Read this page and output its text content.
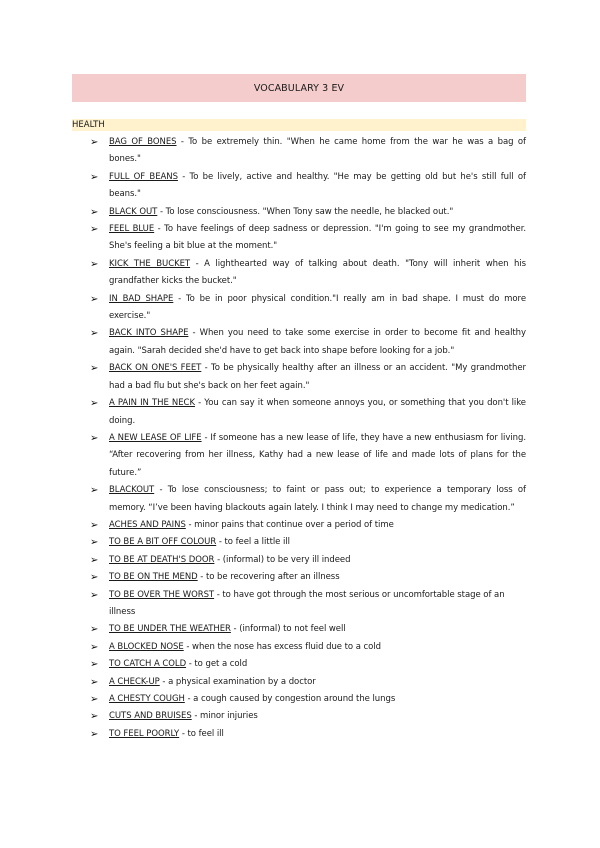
VOCABULARY 3 EV
HEALTH
➢ BAG OF BONES - To be extremely thin. "When he came home from the war he was a bag of bones."
➢ FULL OF BEANS - To be lively, active and healthy. "He may be getting old but he's still full of beans."
➢ BLACK OUT - To lose consciousness. "When Tony saw the needle, he blacked out."
➢ FEEL BLUE - To have feelings of deep sadness or depression. "I'm going to see my grandmother. She's feeling a bit blue at the moment."
➢ KICK THE BUCKET - A lighthearted way of talking about death. "Tony will inherit when his grandfather kicks the bucket."
➢ IN BAD SHAPE - To be in poor physical condition."I really am in bad shape. I must do more exercise."
➢ BACK INTO SHAPE - When you need to take some exercise in order to become fit and healthy again. "Sarah decided she'd have to get back into shape before looking for a job."
➢ BACK ON ONE'S FEET - To be physically healthy after an illness or an accident. "My grandmother had a bad flu but she's back on her feet again."
➢ A PAIN IN THE NECK - You can say it when someone annoys you, or something that you don't like doing.
➢ A NEW LEASE OF LIFE - If someone has a new lease of life, they have a new enthusiasm for living. “After recovering from her illness, Kathy had a new lease of life and made lots of plans for the future.”
➢ BLACKOUT - To lose consciousness; to faint or pass out; to experience a temporary loss of memory. “I’ve been having blackouts again lately. I think I may need to change my medication.”
➢ ACHES AND PAINS - minor pains that continue over a period of time
➢ TO BE A BIT OFF COLOUR - to feel a little ill
➢ TO BE AT DEATH'S DOOR - (informal) to be very ill indeed
➢ TO BE ON THE MEND - to be recovering after an illness
➢ TO BE OVER THE WORST - to have got through the most serious or uncomfortable stage of an illness
➢ TO BE UNDER THE WEATHER - (informal) to not feel well
➢ A BLOCKED NOSE - when the nose has excess fluid due to a cold
➢ TO CATCH A COLD - to get a cold
➢ A CHECK-UP - a physical examination by a doctor
➢ A CHESTY COUGH - a cough caused by congestion around the lungs
➢ CUTS AND BRUISES - minor injuries
➢ TO FEEL POORLY - to feel ill
